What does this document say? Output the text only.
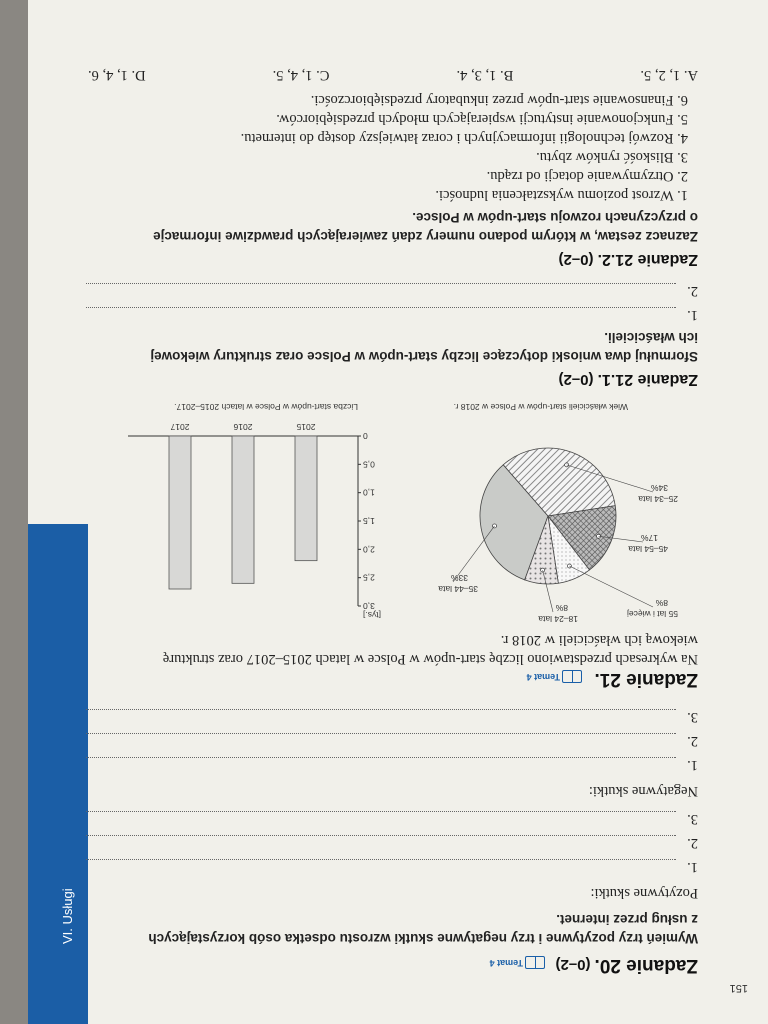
151
VI. Usługi
Zadanie 20. (0–2)  Temat 4
Wymień trzy pozytywne i trzy negatywne skutki wzrostu odsetka osób korzystających
z usług przez internet.
Pozytywne skutki:
1.
2.
3.
Negatywne skutki:
1.
2.
3.
Zadanie 21.  Temat 4
Na wykresach przedstawiono liczbę start-upów w Polsce w latach 2015–2017 oraz strukturę
wiekową ich właścicieli w 2018 r.
0
0,5
1,0
1,5
2,0
2,5
3,0
[tys.]
2015
2016
2017
35–44 lata
33%
25–34 lata
34%
45–54 lata
17%
55 lat i więcej
8%
18–24 lata
8%
Liczba start-upów w Polsce w latach 2015–2017.	Wiek właścicieli start-upów w Polsce w 2018 r.
Zadanie 21.1. (0–2)
Sformułuj dwa wnioski dotyczące liczby start-upów w Polsce oraz struktury wiekowej
ich właścicieli.
1.
2.
Zadanie 21.2. (0–2)
Zaznacz zestaw, w którym podano numery zdań zawierających prawdziwe informacje
o przyczynach rozwoju start-upów w Polsce.
1. Wzrost poziomu wykształcenia ludności.
2. Otrzymywanie dotacji od rządu.
3. Bliskość rynków zbytu.
4. Rozwój technologii informacyjnych i coraz łatwiejszy dostęp do internetu.
5. Funkcjonowanie instytucji wspierających młodych przedsiębiorców.
6. Finansowanie start-upów przez inkubatory przedsiębiorczości.
A. 1, 2, 5.
B. 1, 3, 4.
C. 1, 4, 5.
D. 1, 4, 6.
